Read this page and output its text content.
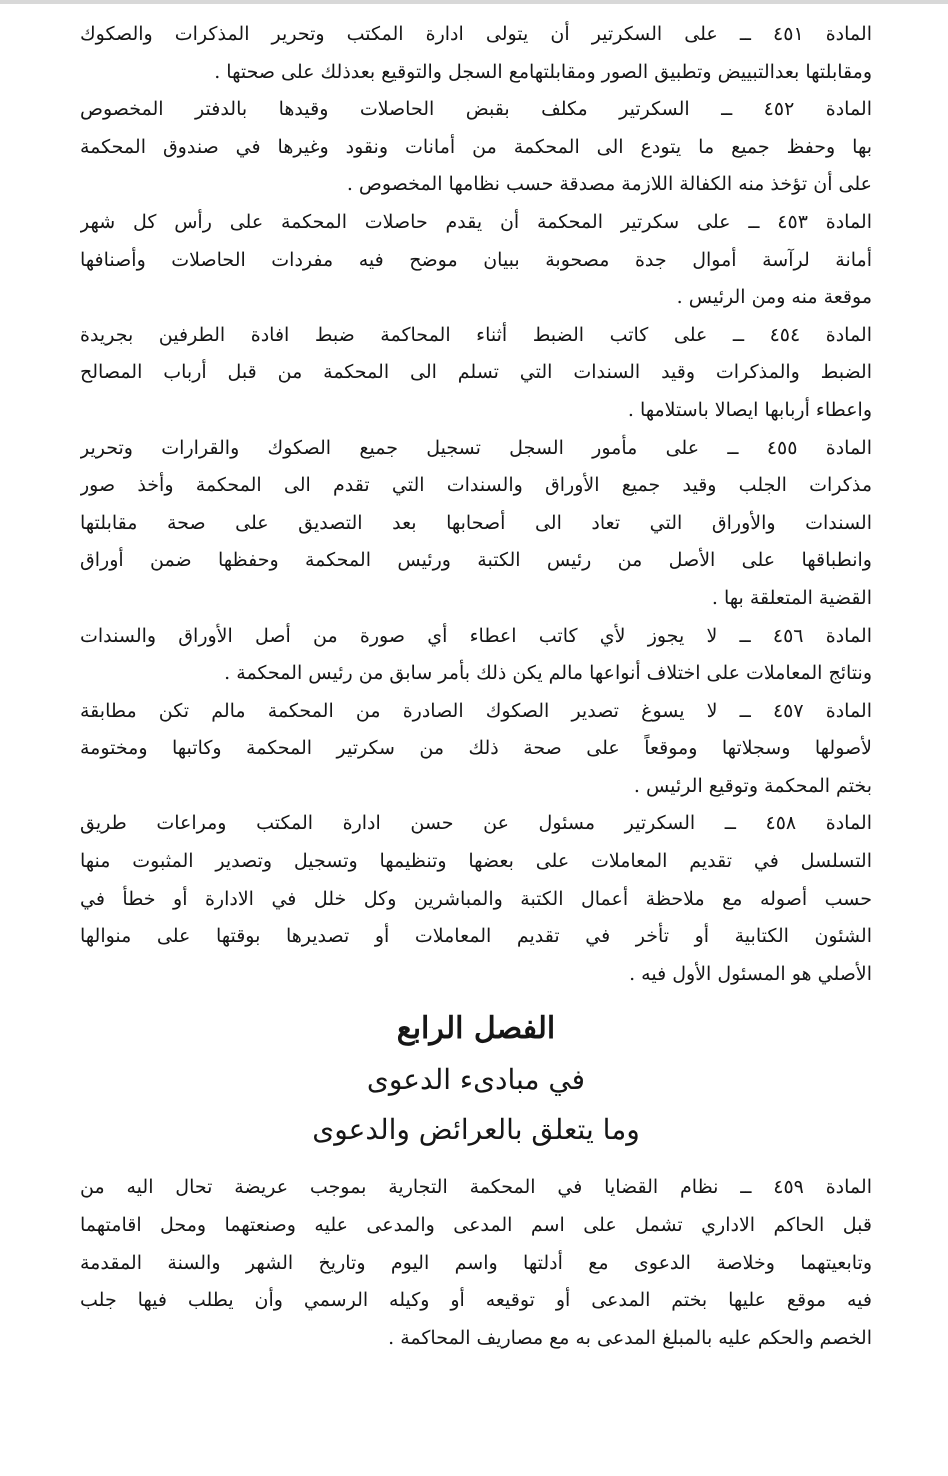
المادة ٤٥١ ــ على السكرتير أن يتولى ادارة المكتب وتحرير المذكرات والصكوك
ومقابلتها بعدالتبييض وتطبيق الصور ومقابلتهامع السجل والتوقيع بعدذلك على صحتها .
المادة ٤٥٢ ــ السكرتير مكلف بقبض الحاصلات وقيدها بالدفتر المخصوص
بها وحفظ جميع ما يتودع الى المحكمة من أمانات ونقود وغيرها في صندوق المحكمة
على أن تؤخذ منه الكفالة اللازمة مصدقة حسب نظامها المخصوص .
المادة ٤٥٣ ــ على سكرتير المحكمة أن يقدم حاصلات المحكمة على رأس كل شهر
أمانة لرآسة أموال جدة مصحوبة ببيان موضح فيه مفردات الحاصلات وأصنافها
موقعة منه ومن الرئيس .
المادة ٤٥٤ ــ على كاتب الضبط أثناء المحاكمة ضبط افادة الطرفين بجريدة
الضبط والمذكرات وقيد السندات التي تسلم الى المحكمة من قبل أرباب المصالح
واعطاء أربابها ايصالا باستلامها .
المادة ٤٥٥ ــ على مأمور السجل تسجيل جميع الصكوك والقرارات وتحرير
مذكرات الجلب وقيد جميع الأوراق والسندات التي تقدم الى المحكمة وأخذ صور
السندات والأوراق التي تعاد الى أصحابها بعد التصديق على صحة مقابلتها
وانطباقها على الأصل من رئيس الكتبة ورئيس المحكمة وحفظها ضمن أوراق
القضية المتعلقة بها .
المادة ٤٥٦ ــ لا يجوز لأي كاتب اعطاء أي صورة من أصل الأوراق والسندات
ونتائج المعاملات على اختلاف أنواعها مالم يكن ذلك بأمر سابق من رئيس المحكمة .
المادة ٤٥٧ ــ لا يسوغ تصدير الصكوك الصادرة من المحكمة مالم تكن مطابقة
لأصولها وسجلاتها وموقعاً على صحة ذلك من سكرتير المحكمة وكاتبها ومختومة
بختم المحكمة وتوقيع الرئيس .
المادة ٤٥٨ ــ السكرتير مسئول عن حسن ادارة المكتب ومراعات طريق
التسلسل في تقديم المعاملات على بعضها وتنظيمها وتسجيل وتصدير المثبوت منها
حسب أصوله مع ملاحظة أعمال الكتبة والمباشرين وكل خلل في الادارة أو خطأ في
الشئون الكتابية أو تأخر في تقديم المعاملات أو تصديرها بوقتها على منوالها
الأصلي هو المسئول الأول فيه .
الفصل الرابع
في مبادىء الدعوى
وما يتعلق بالعرائض والدعوى
المادة ٤٥٩ ــ نظام القضايا في المحكمة التجارية بموجب عريضة تحال اليه من
قبل الحاكم الاداري تشمل على اسم المدعى والمدعى عليه وصنعتهما ومحل اقامتهما
وتابعيتهما وخلاصة الدعوى مع أدلتها واسم اليوم وتاريخ الشهر والسنة المقدمة
فيه موقع عليها بختم المدعى أو توقيعه أو وكيله الرسمي وأن يطلب فيها جلب
الخصم والحكم عليه بالمبلغ المدعى به مع مصاريف المحاكمة .
